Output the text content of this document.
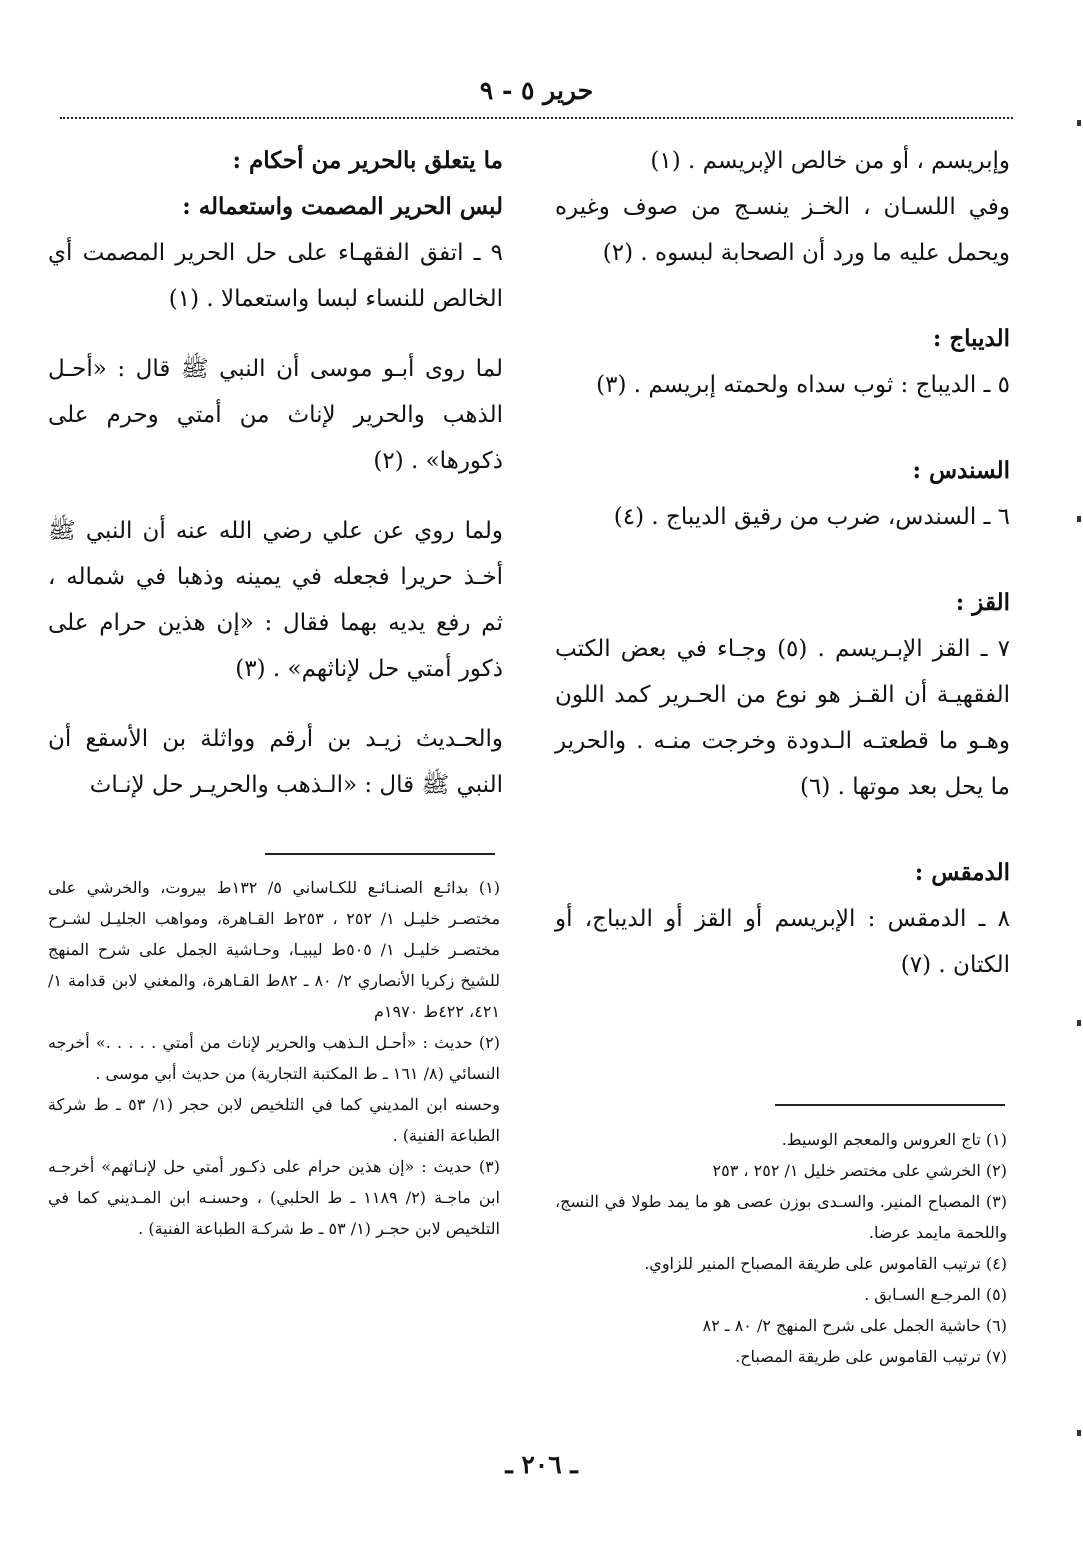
حرير ٥ - ٩

وإبريسم ، أو من خالص الإبريسم . (١)

وفي اللسـان ، الخـز ينسـج من صوف وغيره ويحمل عليه ما ورد أن الصحابة لبسوه . (٢)

الديباج :

٥ ـ الديباج : ثوب سداه ولحمته إبريسم . (٣)

السندس :

٦ ـ السندس، ضرب من رقيق الديباج . (٤)

القز :

٧ ـ القز الإبـريسم . (٥) وجـاء في بعض الكتب الفقهيـة أن القـز هو نوع من الحـرير كمد اللون وهـو ما قطعتـه الـدودة وخرجت منـه . والحرير ما يحل بعد موتها . (٦)

الدمقس :

٨ ـ الدمقس : الإبريسم أو القز أو الديباج، أو الكتان . (٧)

ما يتعلق بالحرير من أحكام :

لبس الحرير المصمت واستعماله :

٩ ـ اتفق الفقهـاء على حل الحرير المصمت أي الخالص للنساء لبسا واستعمالا . (١)

لما روى أبـو موسى أن النبي ﷺ قال : «أحـل الذهب والحرير لإناث من أمتي وحرم على ذكورها» . (٢)

ولما روي عن علي رضي الله عنه أن النبي ﷺ أخـذ حريرا فجعله في يمينه وذهبا في شماله ، ثم رفع يديه بهما فقال : «إن هذين حرام على ذكور أمتي حل لإناثهم» . (٣)

والحـديث زيـد بن أرقم وواثلة بن الأسقع أن النبي ﷺ قال : «الـذهب والحريـر حل لإنـاث

(١) تاج العروس والمعجم الوسيط.
(٢) الخرشي على مختصر خليل ١/ ٢٥٢ ، ٢٥٣
(٣) المصباح المنير. والسـدى بوزن عصى هو ما يمد طولا في النسج، واللحمة مايمد عرضا.
(٤) ترتيب القاموس على طريقة المصباح المنير للزاوي.
(٥) المرجـع السـابق .
(٦) حاشية الجمل على شرح المنهج ٢/ ٨٠ ـ ٨٢
(٧) ترتيب القاموس على طريقة المصباح.
(١) بدائـع الصنـائـع للكـاساني ٥/ ١٣٢ط بيروت، والخرشي على مختصـر خليـل ١/ ٢٥٢ ، ٢٥٣ط القـاهرة، ومواهب الجليـل لشـرح مختصـر خليـل ١/ ٥٠٥ط ليبيـا، وحـاشية الجمل على شرح المنهج للشيخ زكريا الأنصاري ٢/ ٨٠ ـ ٨٢ط القـاهرة، والمغني لابن قدامة ١/ ٤٢١، ٤٢٢ط ١٩٧٠م
(٢) حديث : «أحـل الـذهب والحرير لإناث من أمتي . . . . .» أخرجه النسائي (٨/ ١٦١ ـ ط المكتبة التجارية) من حديث أبي موسى .
وحسنه ابن المديني كما في التلخيص لابن حجر (١/ ٥٣ ـ ط شركة الطباعة الفنية) .
(٣) حديث : «إن هذين حرام على ذكـور أمتي حل لإنـاثهم» أخرجـه ابن ماجـة (٢/ ١١٨٩ ـ ط الحلبي) ، وحسنـه ابن المـديني كما في التلخيص لابن حجـر (١/ ٥٣ ـ ط شركـة الطباعة الفنية) .
ـ ٢٠٦ ـ
